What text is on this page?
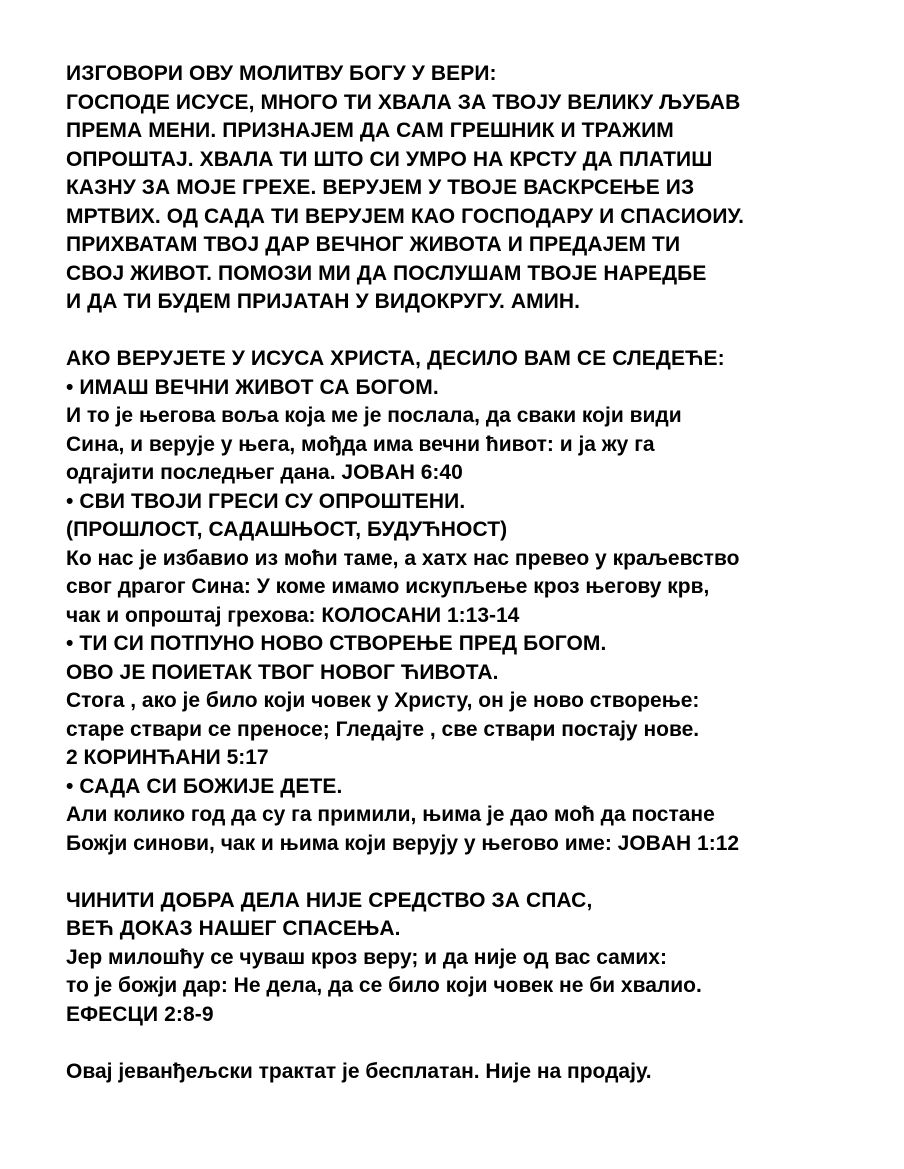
ИЗГОВОРИ ОВУ МОЛИТВУ БОГУ У ВЕРИ:
ГОСПОДЕ ИСУСЕ, МНОГО ТИ ХВАЛА ЗА ТВОЈУ ВЕЛИКУ ЉУБАВ
ПРЕМА МЕНИ. ПРИЗНАЈЕМ ДА САМ ГРЕШНИК И ТРАЖИМ
ОПРОШТАЈ. ХВАЛА ТИ ШТО СИ УМРО НА КРСТУ ДА ПЛАТИШ
КАЗНУ ЗА МОЈЕ ГРЕХЕ. ВЕРУЈЕМ У ТВОЈЕ ВАСКРСЕЊЕ ИЗ
МРТВИХ. ОД САДА ТИ ВЕРУЈЕМ КАО ГОСПОДАРУ И СПАСИОИУ.
ПРИХВАТАМ ТВОЈ ДАР ВЕЧНОГ ЖИВОТА И ПРЕДАЈЕМ ТИ
СВОЈ ЖИВОТ. ПОМОЗИ МИ ДА ПОСЛУШАМ ТВОЈЕ НАРЕДБЕ
И ДА ТИ БУДЕМ ПРИЈАТАН У ВИДОКРУГУ. АМИН.
АКО ВЕРУЈЕТЕ У ИСУСА ХРИСТА, ДЕСИЛО ВАМ СЕ СЛЕДЕЋЕ:
• ИМАШ ВЕЧНИ ЖИВОТ СА БОГОМ.
И то је његова воља која ме је послала, да сваки који види
Сина, и верује у њега, мођда има вечни ћивот: и ја жу га
одгајити последњег дана. JOBAH 6:40
• СВИ ТВОЈИ ГРЕСИ СУ ОПРОШТЕНИ.
(ПРОШЛОСТ, САДАШЊОСТ, БУДУЋНОСТ)
Ко нас је избавио из моћи таме, а хатх нас превео у краљевство
свог драгог Сина: У коме имамо искупљење кроз његову крв,
чак и опроштај грехова: КОЛОСАНИ 1:13-14
• ТИ СИ ПОТПУНО НОВО СТВОРЕЊЕ ПРЕД БОГОМ.
ОВО ЈЕ ПОИЕТАК ТВОГ НОВОГ ЋИВОТА.
Стога , ако је било који човек у Христу, он је ново створење:
старе ствари се преносе; Гледајте , све ствари постају нове.
2 КОРИНЋАНИ 5:17
• САДА СИ БОЖИЈЕ ДЕТЕ.
Али колико год да су га примили, њима је дао моћ да постане
Божји синови, чак и њима који верују у његово име: JOBAH 1:12
ЧИНИТИ ДОБРА ДЕЛА НИЈЕ СРЕДСТВО ЗА СПАС,
ВЕЋ ДОКАЗ НАШЕГ СПАСЕЊА.
Јер милошћу се чуваш кроз веру; и да није од вас самих:
то је божји дар: Не дела, да се било који човек не би хвалио.
ЕФЕСЦИ 2:8-9
Овај јеванђељски трактат је бесплатан. Није на продају.
